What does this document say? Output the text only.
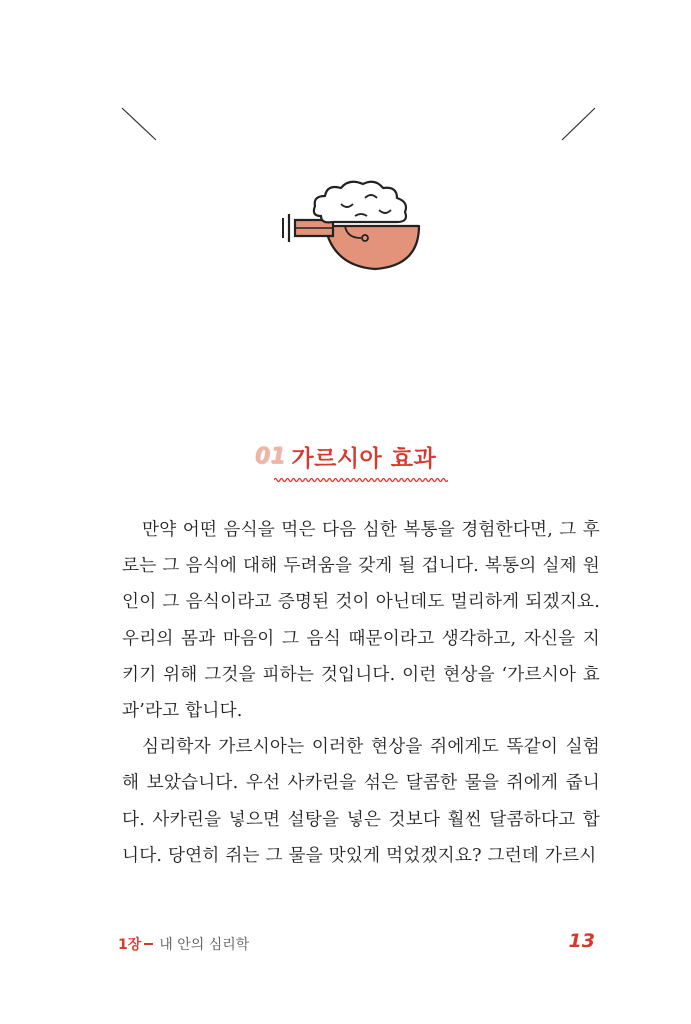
01 가르시아 효과

만약 어떤 음식을 먹은 다음 심한 복통을 경험한다면, 그 후로는 그 음식에 대해 두려움을 갖게 될 겁니다. 복통의 실제 원인이 그 음식이라고 증명된 것이 아닌데도 멀리하게 되겠지요. 우리의 몸과 마음이 그 음식 때문이라고 생각하고, 자신을 지키기 위해 그것을 피하는 것입니다. 이런 현상을 ‘가르시아 효과’라고 합니다.

심리학자 가르시아는 이러한 현상을 쥐에게도 똑같이 실험해 보았습니다. 우선 사카린을 섞은 달콤한 물을 쥐에게 줍니다. 사카린을 넣으면 설탕을 넣은 것보다 훨씬 달콤하다고 합니다. 당연히 쥐는 그 물을 맛있게 먹었겠지요? 그런데 가르시

1장 내 안의 심리학	13
